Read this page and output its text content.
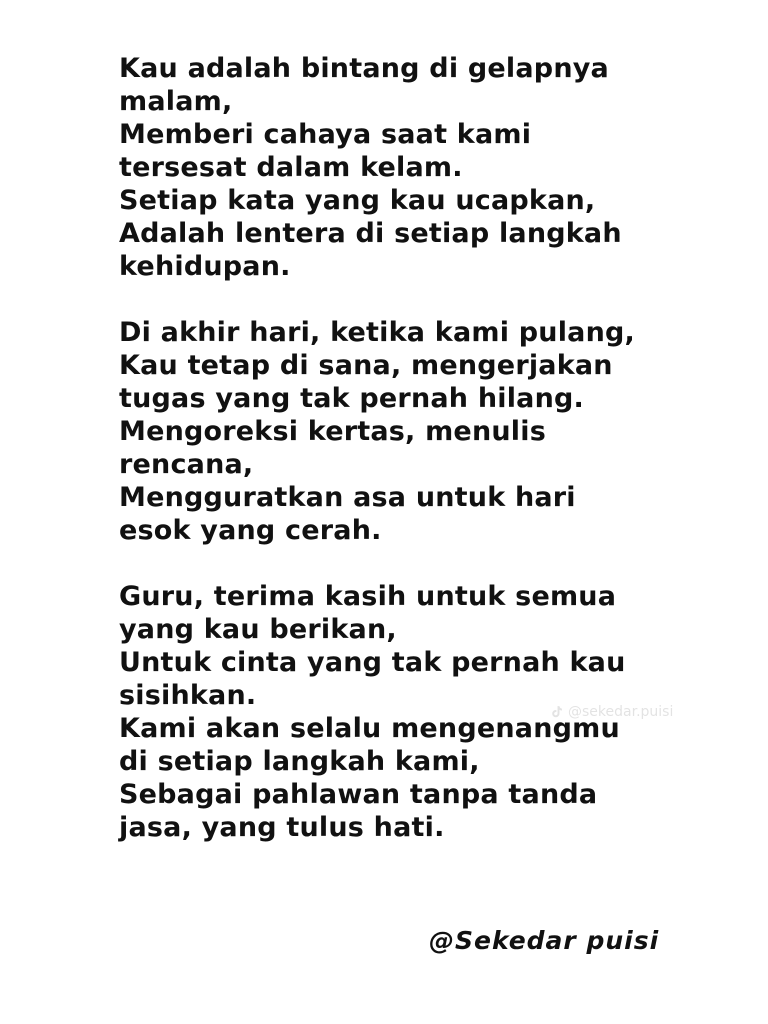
Kau adalah bintang di gelapnya
malam,
Memberi cahaya saat kami
tersesat dalam kelam.
Setiap kata yang kau ucapkan,
Adalah lentera di setiap langkah
kehidupan.
Di akhir hari, ketika kami pulang,
Kau tetap di sana, mengerjakan
tugas yang tak pernah hilang.
Mengoreksi kertas, menulis
rencana,
Mengguratkan asa untuk hari
esok yang cerah.
Guru, terima kasih untuk semua
yang kau berikan,
Untuk cinta yang tak pernah kau
sisihkan.
Kami akan selalu mengenangmu
di setiap langkah kami,
Sebagai pahlawan tanpa tanda
jasa, yang tulus hati.
@sekedar.puisi
@Sekedar puisi
